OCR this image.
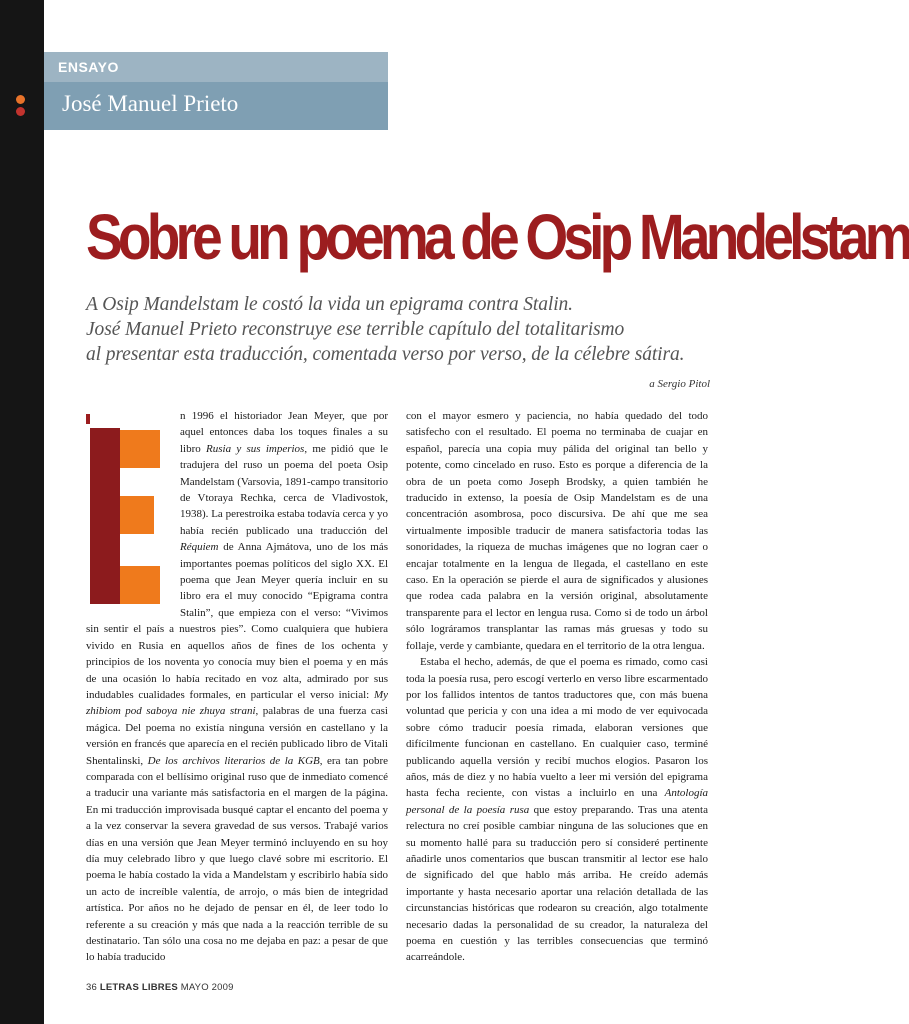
ENSAYO
José Manuel Prieto
Sobre un poema de Osip Mandelstam
A Osip Mandelstam le costó la vida un epigrama contra Stalin.
José Manuel Prieto reconstruye ese terrible capítulo del totalitarismo
al presentar esta traducción, comentada verso por verso, de la célebre sátira.
a Sergio Pitol

n 1996 el historiador Jean Meyer, que por aquel entonces daba los toques finales a su libro Rusia y sus imperios, me pidió que le tradujera del ruso un poema del poeta Osip Mandelstam (Varsovia, 1891-campo transitorio de Vtoraya Rechka, cerca de Vladivostok, 1938). La perestroika estaba todavía cerca y yo había recién publicado una traducción del Réquiem de Anna Ajmátova, uno de los más importantes poemas políticos del siglo XX. El poema que Jean Meyer quería incluir en su libro era el muy conocido “Epigrama contra Stalin”, que empieza con el verso: “Vivimos sin sentir el país a nuestros pies”. Como cualquiera que hubiera vivido en Rusia en aquellos años de fines de los ochenta y principios de los noventa yo conocía muy bien el poema y en más de una ocasión lo había recitado en voz alta, admirado por sus indudables cualidades formales, en particular el verso inicial: My zhibiom pod saboya nie zhuya strani, palabras de una fuerza casi mágica. Del poema no existía ninguna versión en castellano y la versión en francés que aparecía en el recién publicado libro de Vitali Shentalinski, De los archivos literarios de la KGB, era tan pobre comparada con el bellísimo original ruso que de inmediato comencé a traducir una variante más satisfactoria en el margen de la página. En mi traducción improvisada busqué captar el encanto del poema y a la vez conservar la severa gravedad de sus versos. Trabajé varios días en una versión que Jean Meyer terminó incluyendo en su hoy día muy celebrado libro y que luego clavé sobre mi escritorio. El poema le había costado la vida a Mandelstam y escribirlo había sido un acto de increíble valentía, de arrojo, o más bien de integridad artística. Por años no he dejado de pensar en él, de leer todo lo referente a su creación y más que nada a la reacción terrible de su destinatario. Tan sólo una cosa no me dejaba en paz: a pesar de que lo había traducido

con el mayor esmero y paciencia, no había quedado del todo satisfecho con el resultado. El poema no terminaba de cuajar en español, parecía una copia muy pálida del original tan bello y potente, como cincelado en ruso. Esto es porque a diferencia de la obra de un poeta como Joseph Brodsky, a quien también he traducido in extenso, la poesía de Osip Mandelstam es de una concentración asombrosa, poco discursiva. De ahí que me sea virtualmente imposible traducir de manera satisfactoria todas las sonoridades, la riqueza de muchas imágenes que no logran caer o encajar totalmente en la lengua de llegada, el castellano en este caso. En la operación se pierde el aura de significados y alusiones que rodea cada palabra en la versión original, absolutamente transparente para el lector en lengua rusa. Como si de todo un árbol sólo lográramos transplantar las ramas más gruesas y todo su follaje, verde y cambiante, quedara en el territorio de la otra lengua.

Estaba el hecho, además, de que el poema es rimado, como casi toda la poesía rusa, pero escogí verterlo en verso libre escarmentado por los fallidos intentos de tantos traductores que, con más buena voluntad que pericia y con una idea a mi modo de ver equivocada sobre cómo traducir poesía rimada, elaboran versiones que difícilmente funcionan en castellano. En cualquier caso, terminé publicando aquella versión y recibí muchos elogios. Pasaron los años, más de diez y no había vuelto a leer mi versión del epigrama hasta fecha reciente, con vistas a incluirlo en una Antología personal de la poesía rusa que estoy preparando. Tras una atenta relectura no creí posible cambiar ninguna de las soluciones que en su momento hallé para su traducción pero sí consideré pertinente añadirle unos comentarios que buscan transmitir al lector ese halo de significado del que hablo más arriba. He creído además importante y hasta necesario aportar una relación detallada de las circunstancias históricas que rodearon su creación, algo totalmente necesario dadas la personalidad de su creador, la naturaleza del poema en cuestión y las terribles consecuencias que terminó acarreándole.

36 LETRAS LIBRES MAYO 2009
